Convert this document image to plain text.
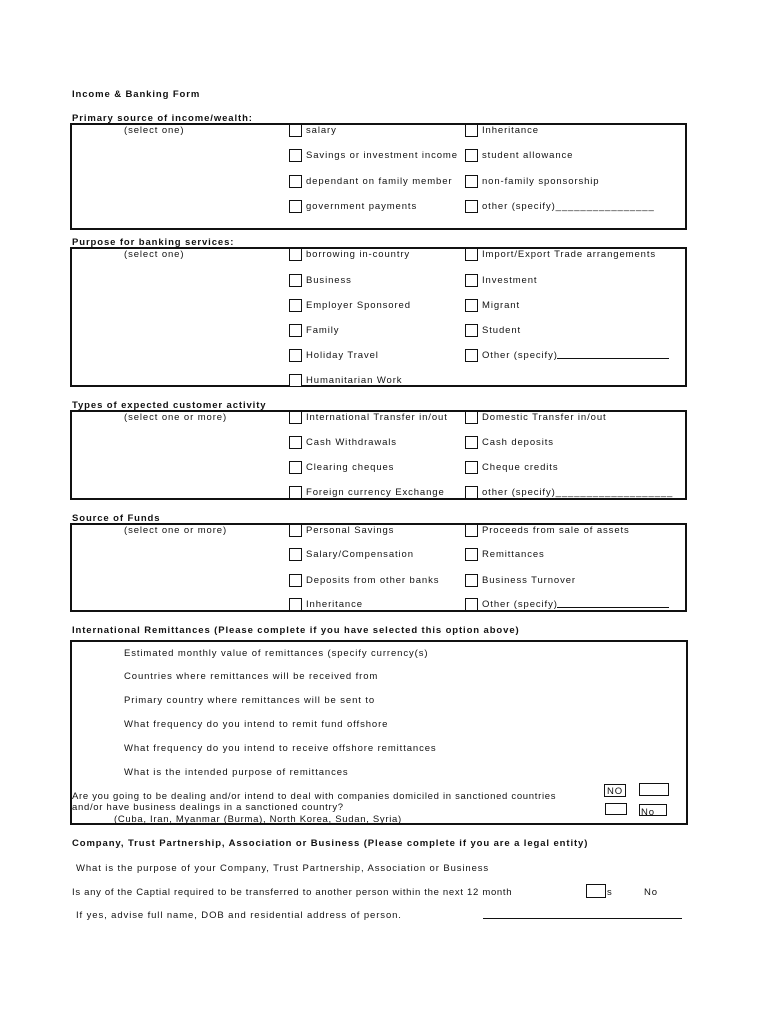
Income & Banking Form
Primary source of income/wealth:
(select one)	salary	Inheritance
Savings or investment income	student allowance
dependant on family member	non-family sponsorship
government payments	other (specify)________________
Purpose for banking services:
(select one)	borrowing in-country	Import/Export Trade arrangements
Business	Investment
Employer Sponsored	Migrant
Family	Student
Holiday Travel	Other (specify)
Humanitarian Work
Types of expected customer activity
(select one or more)	International Transfer in/out	Domestic Transfer in/out
Cash Withdrawals	Cash deposits
Clearing cheques	Cheque credits
Foreign currency Exchange	other (specify)___________________
Source of Funds
(select one or more)	Personal Savings	Proceeds from sale of assets
Salary/Compensation	Remittances
Deposits from other banks	Business Turnover
Inheritance	Other (specify)
International Remittances (Please complete if you have selected this option above)
Estimated monthly value of remittances (specify currency(s)
Countries where remittances will be received from
Primary country where remittances will be sent to
What frequency do you intend to remit fund offshore
What frequency do you intend to receive offshore remittances
What is the intended purpose of remittances
Are you going to be dealing and/or intend to deal with companies domiciled in sanctioned countries
and/or have business dealings in a sanctioned country?
(Cuba, Iran, Myanmar (Burma), North Korea, Sudan, Syria)
NO
No
Company, Trust Partnership, Association or Business (Please complete if you are a legal entity)
What is the purpose of your Company, Trust Partnership, Association or Business
Is any of the Captial required to be transferred to another person within the next 12 month	s	No
If yes, advise full name, DOB and residential address of person.
